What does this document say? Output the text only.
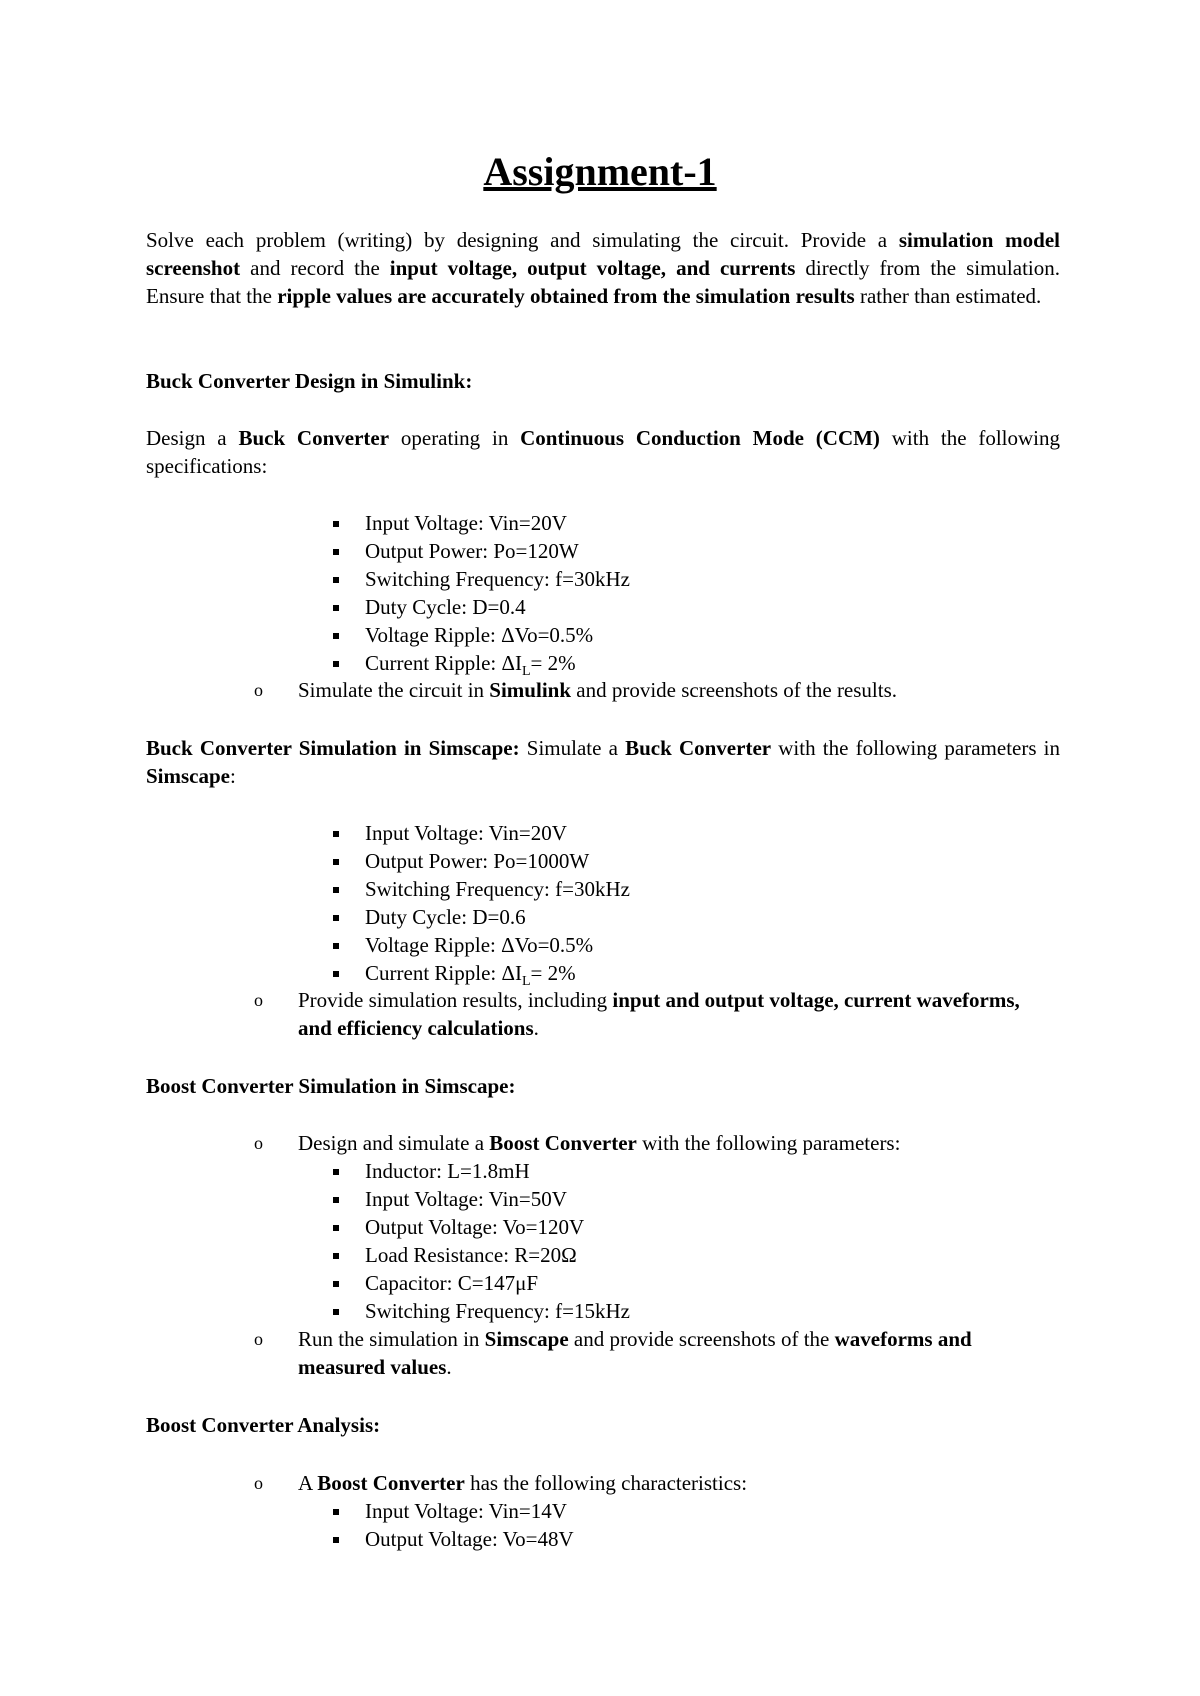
Assignment-1

Solve each problem (writing) by designing and simulating the circuit. Provide a simulation model screenshot and record the input voltage, output voltage, and currents directly from the simulation. Ensure that the ripple values are accurately obtained from the simulation results rather than estimated.

Buck Converter Design in Simulink:

Design a Buck Converter operating in Continuous Conduction Mode (CCM) with the following specifications:

Input Voltage: Vin=20V
Output Power: Po=120W
Switching Frequency: f=30kHz
Duty Cycle: D=0.4
Voltage Ripple: ΔVo=0.5%
Current Ripple: $\Delta I_L= 2\%$
o Simulate the circuit in Simulink and provide screenshots of the results.

Buck Converter Simulation in Simscape: Simulate a Buck Converter with the following parameters in Simscape:

Input Voltage: Vin=20V
Output Power: Po=1000W
Switching Frequency: f=30kHz
Duty Cycle: D=0.6
Voltage Ripple: ΔVo=0.5%
Current Ripple: $\Delta I_L= 2\%$
o Provide simulation results, including input and output voltage, current waveforms, and efficiency calculations.

Boost Converter Simulation in Simscape:

o Design and simulate a Boost Converter with the following parameters:
Inductor: L=1.8mH
Input Voltage: Vin=50V
Output Voltage: Vo=120V
Load Resistance: R=20Ω
Capacitor: C=147μF
Switching Frequency: f=15kHz
o Run the simulation in Simscape and provide screenshots of the waveforms and measured values.

Boost Converter Analysis:

o A Boost Converter has the following characteristics:
Input Voltage: Vin=14V
Output Voltage: Vo=48V
